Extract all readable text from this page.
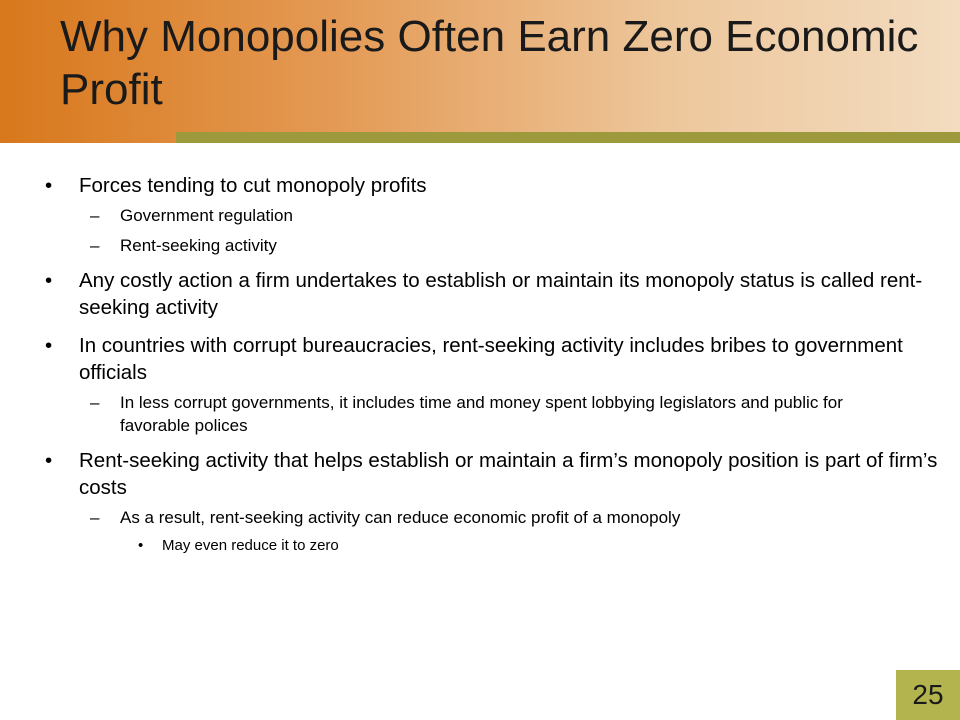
Why Monopolies Often Earn Zero Economic Profit
• Forces tending to cut monopoly profits
– Government regulation
– Rent-seeking activity
• Any costly action a firm undertakes to establish or maintain its monopoly status is called rent-seeking activity
• In countries with corrupt bureaucracies, rent-seeking activity includes bribes to government officials
– In less corrupt governments, it includes time and money spent lobbying legislators and public for favorable polices
• Rent-seeking activity that helps establish or maintain a firm’s monopoly position is part of firm’s costs
– As a result, rent-seeking activity can reduce economic profit of a monopoly
• May even reduce it to zero
25
